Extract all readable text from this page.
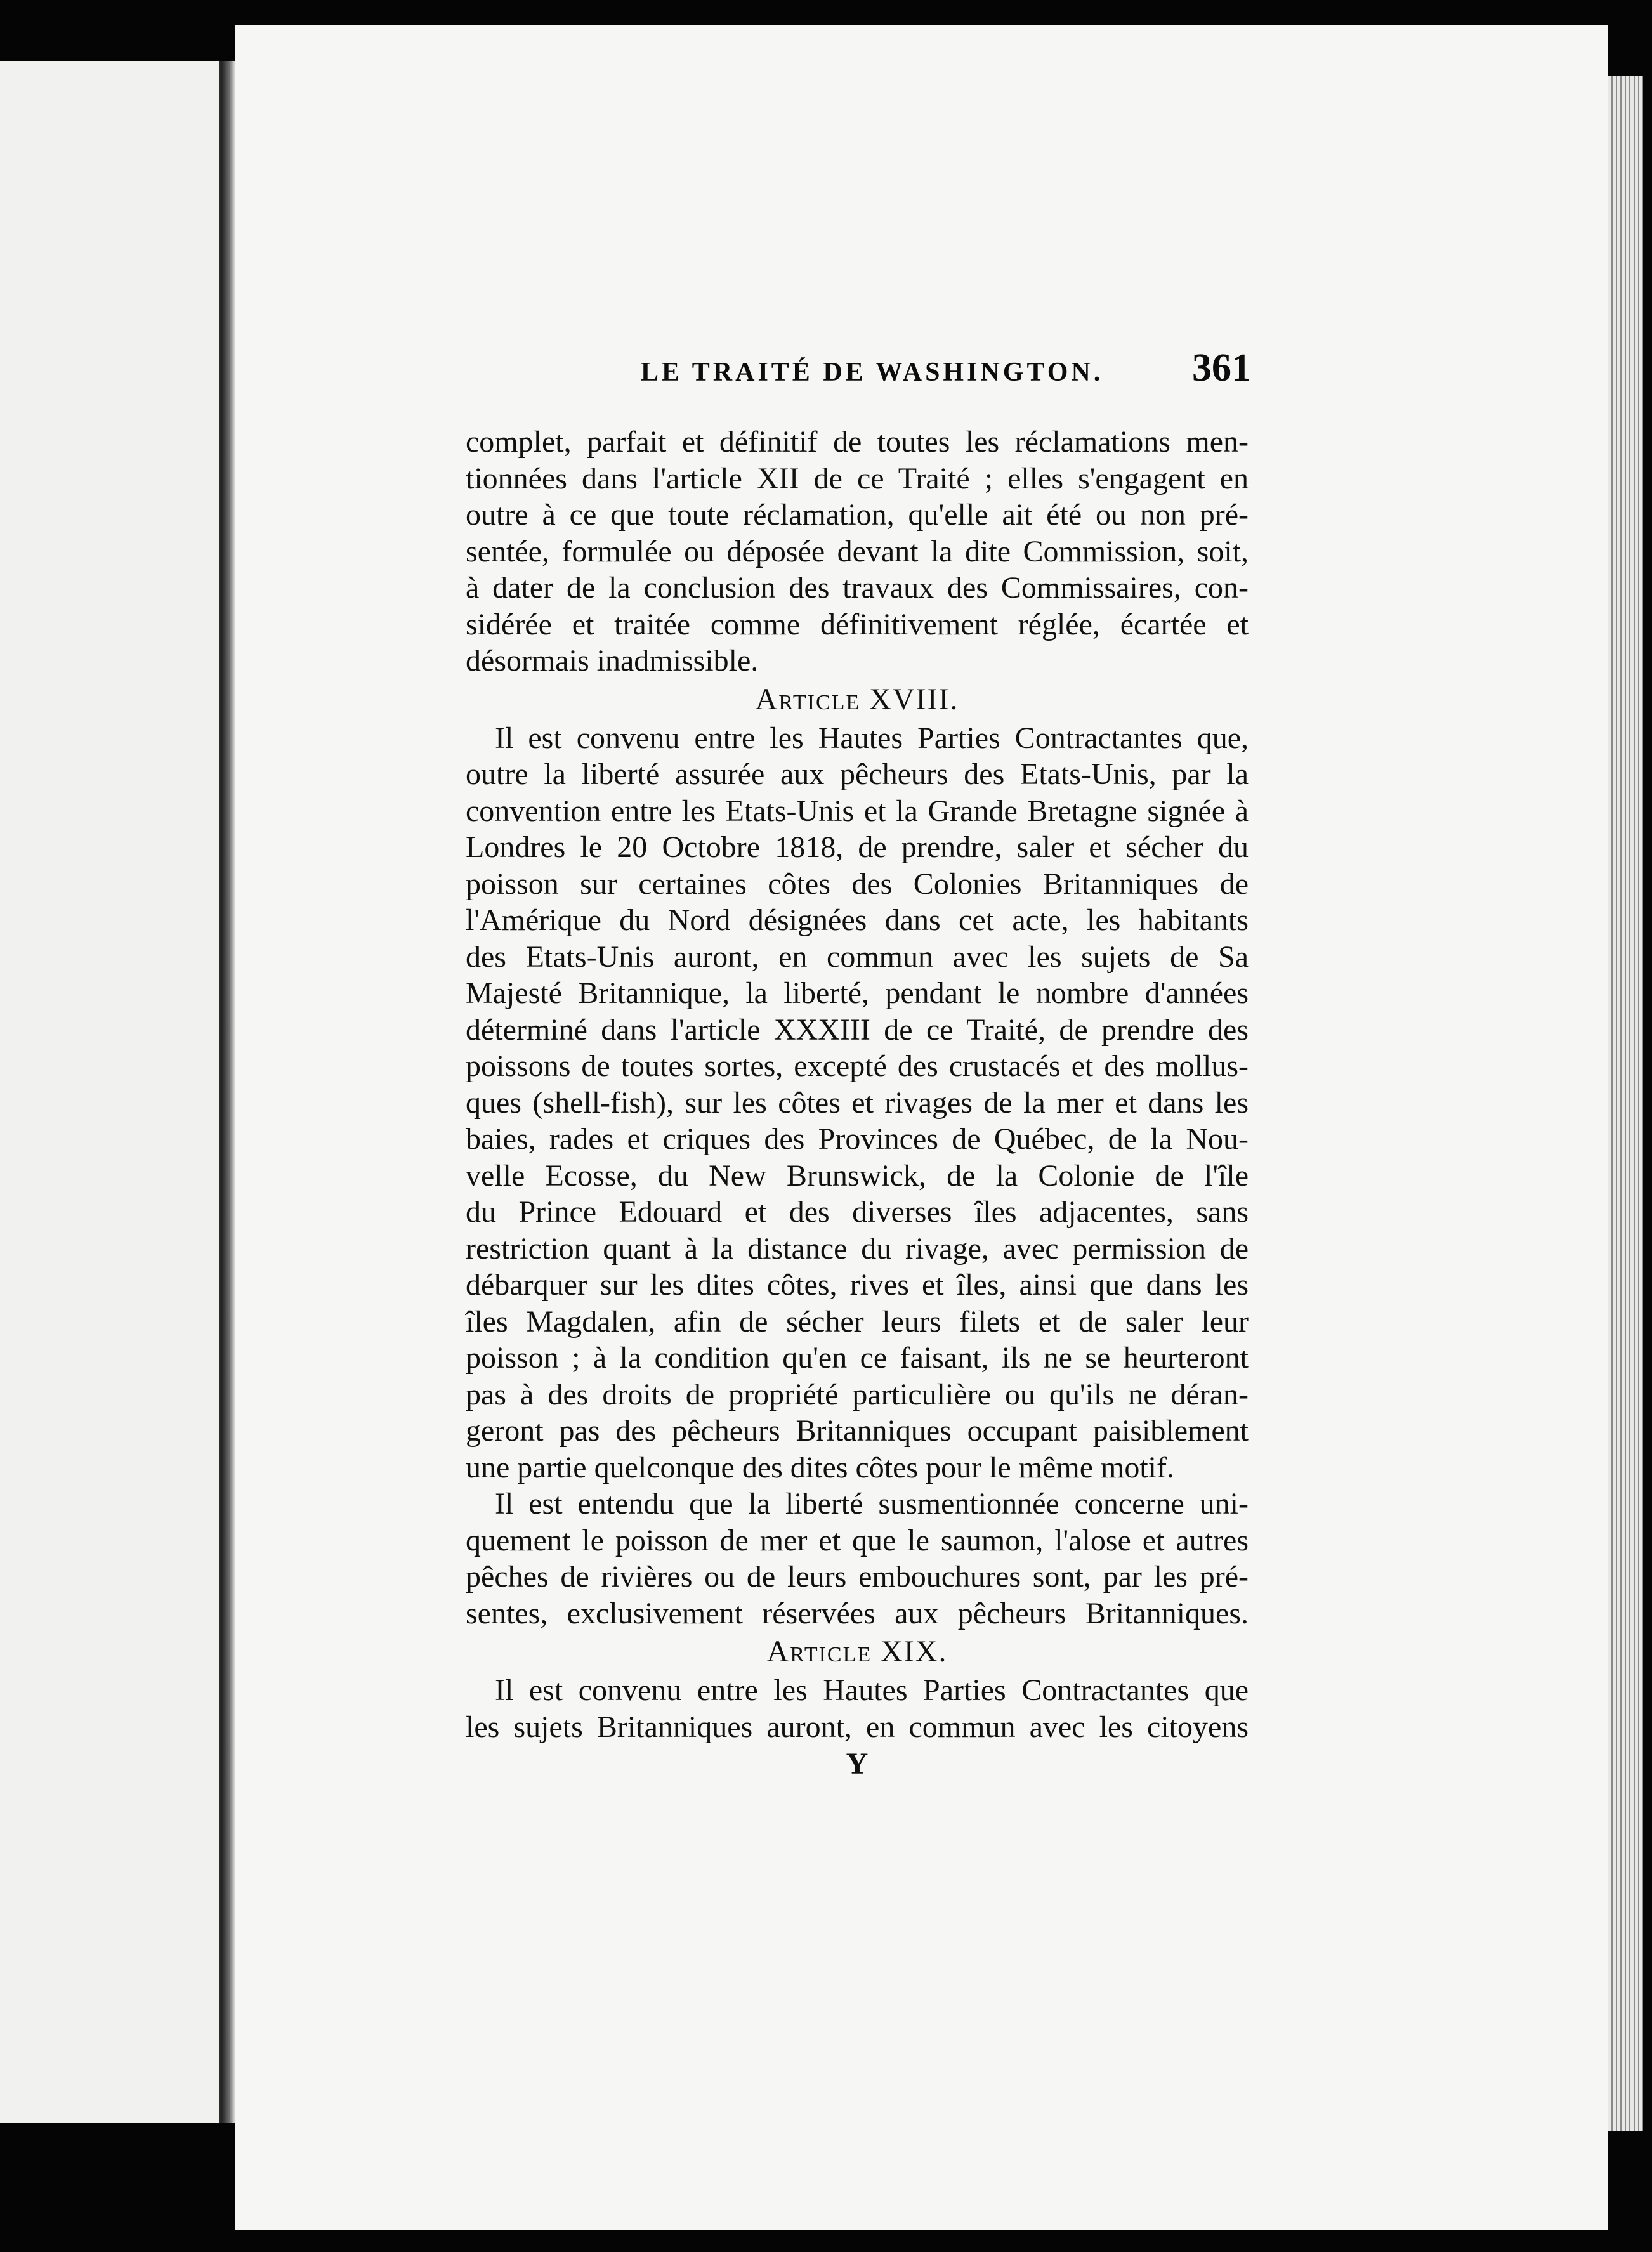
LE TRAITÉ DE WASHINGTON. 361
complet, parfait et définitif de toutes les réclamations men-
tionnées dans l'article XII de ce Traité ; elles s'engagent en
outre à ce que toute réclamation, qu'elle ait été ou non pré-
sentée, formulée ou déposée devant la dite Commission, soit,
à dater de la conclusion des travaux des Commissaires, con-
sidérée et traitée comme définitivement réglée, écartée et
désormais inadmissible.
Article XVIII.
Il est convenu entre les Hautes Parties Contractantes que,
outre la liberté assurée aux pêcheurs des Etats-Unis, par la
convention entre les Etats-Unis et la Grande Bretagne signée à
Londres le 20 Octobre 1818, de prendre, saler et sécher du
poisson sur certaines côtes des Colonies Britanniques de
l'Amérique du Nord désignées dans cet acte, les habitants
des Etats-Unis auront, en commun avec les sujets de Sa
Majesté Britannique, la liberté, pendant le nombre d'années
déterminé dans l'article XXXIII de ce Traité, de prendre des
poissons de toutes sortes, excepté des crustacés et des mollus-
ques (shell-fish), sur les côtes et rivages de la mer et dans les
baies, rades et criques des Provinces de Québec, de la Nou-
velle Ecosse, du New Brunswick, de la Colonie de l'île
du Prince Edouard et des diverses îles adjacentes, sans
restriction quant à la distance du rivage, avec permission de
débarquer sur les dites côtes, rives et îles, ainsi que dans les
îles Magdalen, afin de sécher leurs filets et de saler leur
poisson ; à la condition qu'en ce faisant, ils ne se heurteront
pas à des droits de propriété particulière ou qu'ils ne déran-
geront pas des pêcheurs Britanniques occupant paisiblement
une partie quelconque des dites côtes pour le même motif.
Il est entendu que la liberté susmentionnée concerne uni-
quement le poisson de mer et que le saumon, l'alose et autres
pêches de rivières ou de leurs embouchures sont, par les pré-
sentes, exclusivement réservées aux pêcheurs Britanniques.
Article XIX.
Il est convenu entre les Hautes Parties Contractantes que
les sujets Britanniques auront, en commun avec les citoyens
Y
